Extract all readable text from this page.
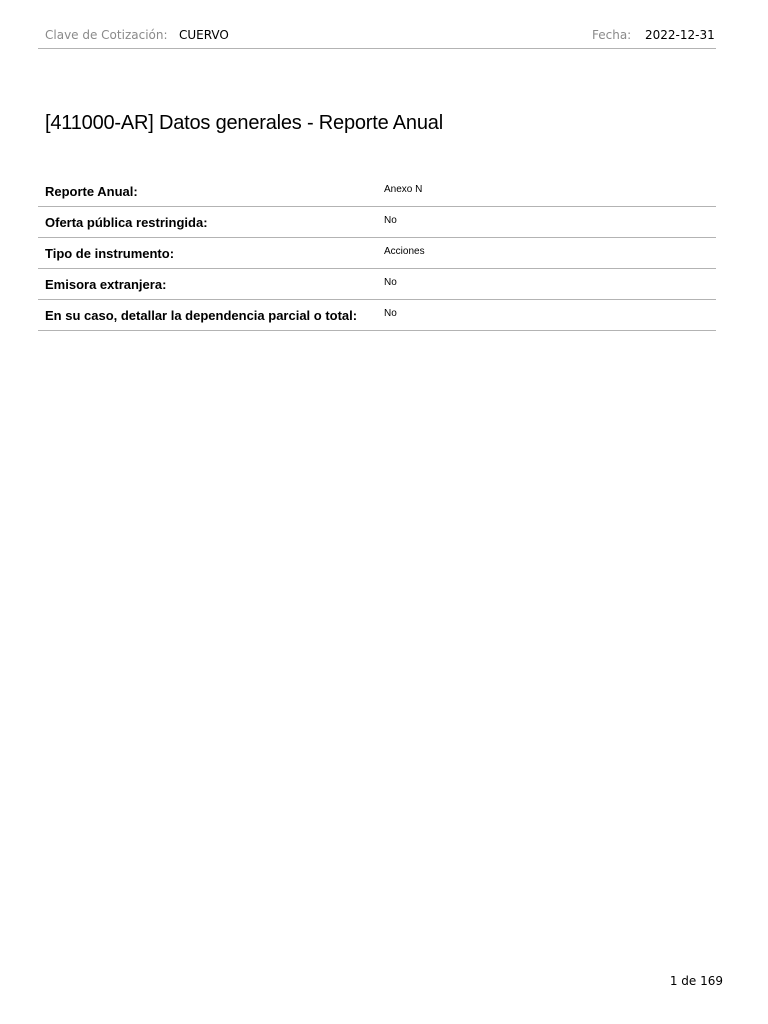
Clave de Cotización: CUERVO	Fecha: 2022-12-31
[411000-AR] Datos generales - Reporte Anual
Reporte Anual:	Anexo N
Oferta pública restringida:	No
Tipo de instrumento:	Acciones
Emisora extranjera:	No
En su caso, detallar la dependencia parcial o total:	No
1 de 169
